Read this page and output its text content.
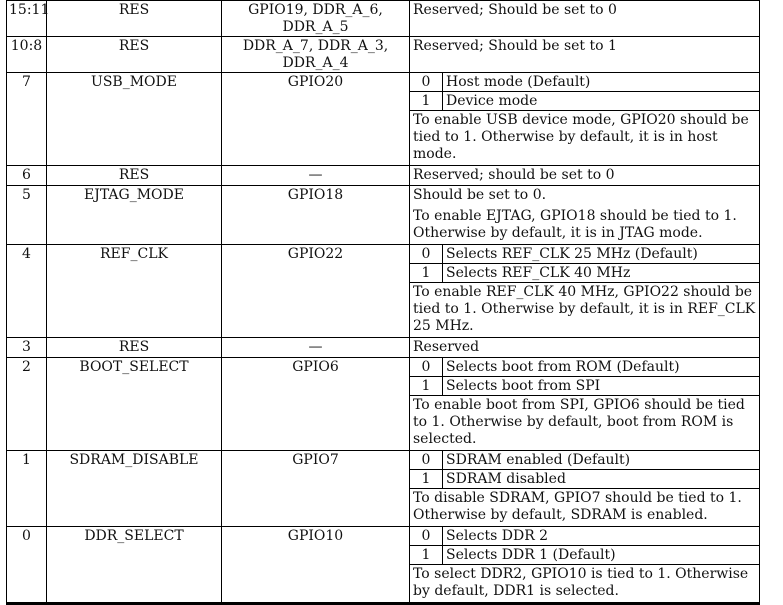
15:11	RES	GPIO19, DDR_A_6, DDR_A_5	Reserved; Should be set to 0

10:8	RES	DDR_A_7, DDR_A_3, DDR_A_4	Reserved; Should be set to 1

7	USB_MODE	GPIO20	0 Host mode (Default)
1 Device mode
To enable USB device mode, GPIO20 should be tied to 1. Otherwise by default, it is in host mode.

6	RES	—	Reserved; should be set to 0

5	EJTAG_MODE	GPIO18	Should be set to 0.
To enable EJTAG, GPIO18 should be tied to 1. Otherwise by default, it is in JTAG mode.

4	REF_CLK	GPIO22	0 Selects REF_CLK 25 MHz (Default)
1 Selects REF_CLK 40 MHz
To enable REF_CLK 40 MHz, GPIO22 should be tied to 1. Otherwise by default, it is in REF_CLK 25 MHz.

3	RES	—	Reserved

2	BOOT_SELECT	GPIO6	0 Selects boot from ROM (Default)
1 Selects boot from SPI
To enable boot from SPI, GPIO6 should be tied to 1. Otherwise by default, boot from ROM is selected.

1	SDRAM_DISABLE	GPIO7	0 SDRAM enabled (Default)
1 SDRAM disabled
To disable SDRAM, GPIO7 should be tied to 1. Otherwise by default, SDRAM is enabled.

0	DDR_SELECT	GPIO10	0 Selects DDR 2
1 Selects DDR 1 (Default)
To select DDR2, GPIO10 is tied to 1. Otherwise by default, DDR1 is selected.
